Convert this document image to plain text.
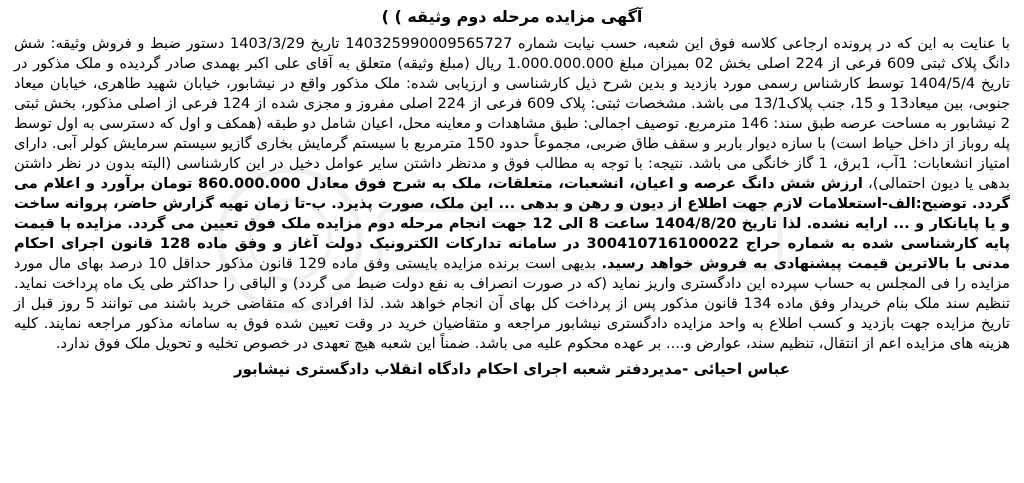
آگهی مزایده مرحله دوم وثیقه ) )

با عنایت به این که در پرونده ارجاعی کلاسه فوق این شعبه، حسب نیابت شماره 140325990009565727 تاریخ 1403/3/29 دستور ضبط و فروش وثیقه: شش دانگ پلاک ثبتی 609 فرعی از 224 اصلی بخش 02 بمیزان مبلغ 1.000.000.000 ریال (مبلغ وثیقه) متعلق به آقای علی اکبر بهمدی صادر گردیده و ملک مذکور در تاریخ 1404/5/4 توسط کارشناس رسمی مورد بازدید و بدین شرح ذیل کارشناسی و ارزیابی شده: ملک مذکور واقع در نیشابور، خیابان شهید طاهری، خیابان میعاد جنوبی، بین میعاد13 و 15، جنب پلاک13/1 می باشد. مشخصات ثبتی: پلاک 609 فرعی از 224 اصلی مفروز و مجزی شده از 124 فرعی از اصلی مذکور، بخش ثبتی 2 نیشابور به مساحت عرصه طبق سند: 146 مترمربع. توصیف اجمالی: طبق مشاهدات و معاینه محل، اعیان شامل دو طبقه (همکف و اول که دسترسی به اول توسط پله روباز از داخل حیاط است) با سازه دیوار باربر و سقف طاق ضربی، مجموعاً حدود 150 مترمربع با سیستم گرمایش بخاری گازیو سیستم سرمایش کولر آبی. دارای امتیاز انشعابات: 1آب، 1برق، 1 گاز خانگی می باشد. نتیجه: با توجه به مطالب فوق و مدنظر داشتن سایر عوامل دخیل در این کارشناسی (البته بدون در نظر داشتن بدهی یا دیون احتمالی)، ارزش شش دانگ عرصه و اعیان، انشعبات، متعلقات، ملک به شرح فوق معادل 860.000.000 تومان برآورد و اعلام می گردد. توضیح:الف-استعلامات لازم جهت اطلاع از دیون و رهن و بدهی ... این ملک، صورت پذیرد. ب-تا زمان تهیه گزارش حاضر، پروانه ساخت و یا پایانکار و ... ارایه نشده. لذا تاریخ 1404/8/20 ساعت 8 الی 12 جهت انجام مرحله دوم مزایده ملک فوق تعیین می گردد. مزایده با قیمت پایه کارشناسی شده به شماره حراج 300410716100022 در سامانه تدارکات الکترونیک دولت آغاز و وفق ماده 128 قانون اجرای احکام مدنی با بالاترین قیمت پیشنهادی به فروش خواهد رسید. بدیهی است برنده مزایده بایستی وفق ماده 129 قانون مذکور حداقل 10 درصد بهای مال مورد مزایده را فی المجلس به حساب سپرده این دادگستری واریز نماید (که در صورت انصراف به نفع دولت ضبط می گردد) و الباقی را حداکثر طی یک ماه پرداخت نماید. تنظیم سند ملک بنام خریدار وفق ماده 134 قانون مذکور پس از پرداخت کل بهای آن انجام خواهد شد. لذا افرادی که متقاضی خرید باشند می توانند 5 روز قبل از تاریخ مزایده جهت بازدید و کسب اطلاع به واحد مزایده دادگستری نیشابور مراجعه و متقاضیان خرید در وقت تعیین شده فوق به سامانه مذکور مراجعه نمایند. کلیه هزینه های مزایده اعم از انتقال، تنظیم سند، عوارض و.... بر عهده محکوم علیه می باشد. ضمناً این شعبه هیچ تعهدی در خصوص تخلیه و تحویل ملک فوق ندارد.

عباس احیائی -مدیردفتر شعبه اجرای احکام دادگاه انقلاب دادگستری نیشابور
